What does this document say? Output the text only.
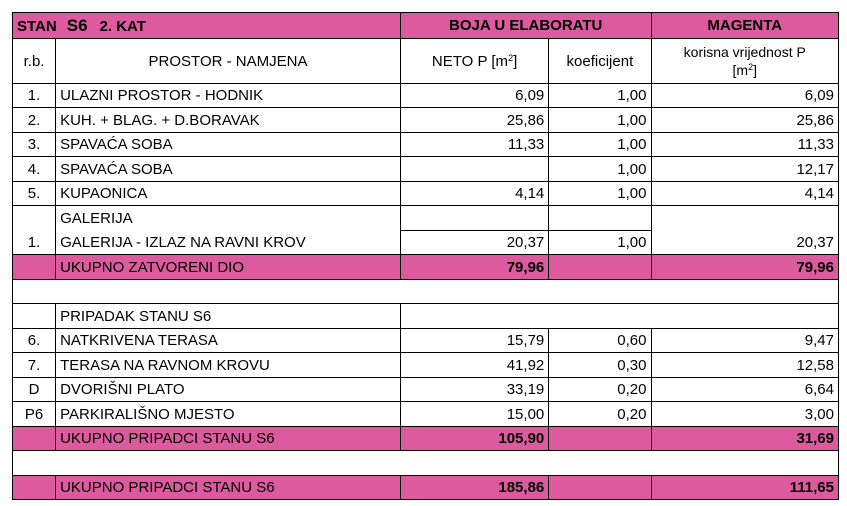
STAN S6 2. KAT		BOJA U ELABORATU		MAGENTA
r.b.	PROSTOR - NAMJENA	NETO P $[m^2]$	koeficijent	korisna vrijednost P
$[m^2]$
1.	ULAZNI PROSTOR - HODNIK	6,09	1,00	6,09
2.	KUH. + BLAG. + D.BORAVAK	25,86	1,00	25,86
3.	SPAVAĆA SOBA	11,33	1,00	11,33
4.	SPAVAĆA SOBA		1,00	12,17
5.	KUPAONICA	4,14	1,00	4,14
	GALERIJA			
1.	GALERIJA - IZLAZ NA RAVNI KROV	20,37	1,00	20,37
	UKUPNO ZATVORENI DIO	79,96		79,96

	PRIPADAK STANU S6			
6.	NATKRIVENA TERASA	15,79	0,60	9,47
7.	TERASA NA RAVNOM KROVU	41,92	0,30	12,58
D	DVORIŠNI PLATO	33,19	0,20	6,64
P6	PARKIRALIŠNO MJESTO	15,00	0,20	3,00
	UKUPNO PRIPADCI STANU S6	105,90		31,69

	UKUPNO PRIPADCI STANU S6	185,86		111,65
